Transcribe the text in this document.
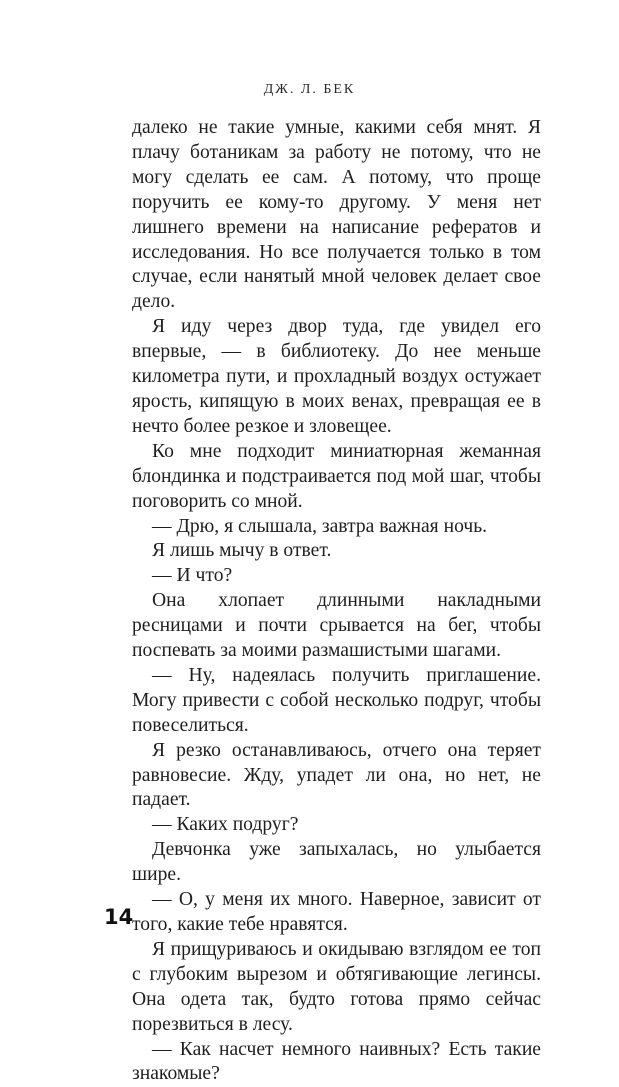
ДЖ. Л. БЕК

далеко не такие умные, какими себя мнят. Я плачу ботаникам за работу не потому, что не могу сделать ее сам. А потому, что проще поручить ее кому-то другому. У меня нет лишнего времени на написание рефератов и исследования. Но все получается только в том случае, если нанятый мной человек делает свое дело.

Я иду через двор туда, где увидел его впервые, — в библиотеку. До нее меньше километра пути, и прохладный воздух остужает ярость, кипящую в моих венах, превращая ее в нечто более резкое и зловещее.

Ко мне подходит миниатюрная жеманная блондинка и подстраивается под мой шаг, чтобы поговорить со мной.

— Дрю, я слышала, завтра важная ночь.

Я лишь мычу в ответ.

— И что?

Она хлопает длинными накладными ресницами и почти срывается на бег, чтобы поспевать за моими размашистыми шагами.

— Ну, надеялась получить приглашение. Могу привести с собой несколько подруг, чтобы повеселиться.

Я резко останавливаюсь, отчего она теряет равновесие. Жду, упадет ли она, но нет, не падает.

— Каких подруг?

Девчонка уже запыхалась, но улыбается шире.

— О, у меня их много. Наверное, зависит от того, какие тебе нравятся.

Я прищуриваюсь и окидываю взглядом ее топ с глубоким вырезом и обтягивающие легинсы. Она одета так, будто готова прямо сейчас порезвиться в лесу.

— Как насчет немного наивных? Есть такие знакомые?

14
